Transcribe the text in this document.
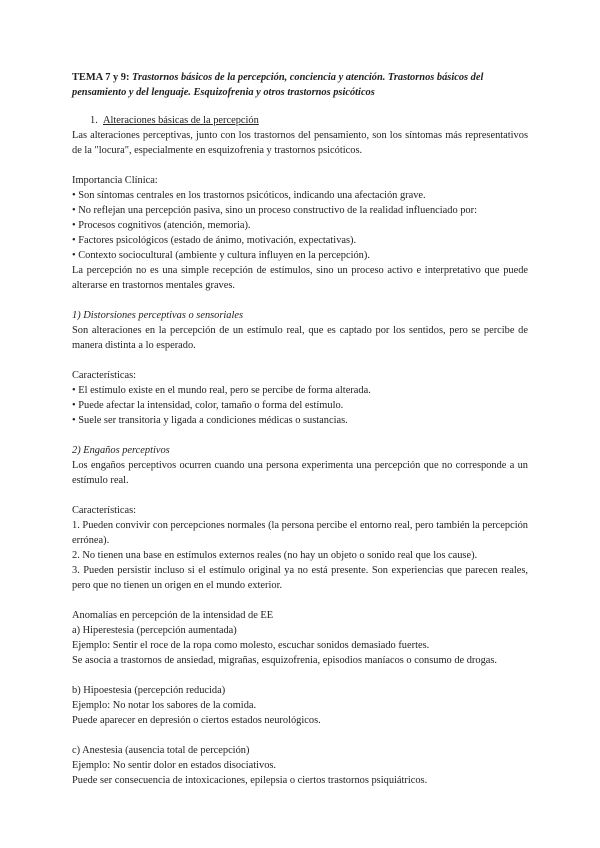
TEMA 7 y 9: Trastornos básicos de la percepción, conciencia y atención. Trastornos básicos del pensamiento y del lenguaje. Esquizofrenia y otros trastornos psicóticos

1. Alteraciones básicas de la percepción

Las alteraciones perceptivas, junto con los trastornos del pensamiento, son los síntomas más representativos de la "locura", especialmente en esquizofrenia y trastornos psicóticos.

Importancia Clínica:

• Son síntomas centrales en los trastornos psicóticos, indicando una afectación grave.

• No reflejan una percepción pasiva, sino un proceso constructivo de la realidad influenciado por:

• Procesos cognitivos (atención, memoria).

• Factores psicológicos (estado de ánimo, motivación, expectativas).

• Contexto sociocultural (ambiente y cultura influyen en la percepción).

La percepción no es una simple recepción de estímulos, sino un proceso activo e interpretativo que puede alterarse en trastornos mentales graves.

1) Distorsiones perceptivas o sensoriales

Son alteraciones en la percepción de un estímulo real, que es captado por los sentidos, pero se percibe de manera distinta a lo esperado.

Características:

• El estímulo existe en el mundo real, pero se percibe de forma alterada.

• Puede afectar la intensidad, color, tamaño o forma del estímulo.

• Suele ser transitoria y ligada a condiciones médicas o sustancias.

2) Engaños perceptivos

Los engaños perceptivos ocurren cuando una persona experimenta una percepción que no corresponde a un estímulo real.

Características:

1. Pueden convivir con percepciones normales (la persona percibe el entorno real, pero también la percepción errónea).

2. No tienen una base en estímulos externos reales (no hay un objeto o sonido real que los cause).

3. Pueden persistir incluso si el estímulo original ya no está presente. Son experiencias que parecen reales, pero que no tienen un origen en el mundo exterior.

Anomalías en percepción de la intensidad de EE

a) Hiperestesia (percepción aumentada)

Ejemplo: Sentir el roce de la ropa como molesto, escuchar sonidos demasiado fuertes.

Se asocia a trastornos de ansiedad, migrañas, esquizofrenia, episodios maníacos o consumo de drogas.

b) Hipoestesia (percepción reducida)

Ejemplo: No notar los sabores de la comida.

Puede aparecer en depresión o ciertos estados neurológicos.

c) Anestesia (ausencia total de percepción)

Ejemplo: No sentir dolor en estados disociativos.

Puede ser consecuencia de intoxicaciones, epilepsia o ciertos trastornos psiquiátricos.
